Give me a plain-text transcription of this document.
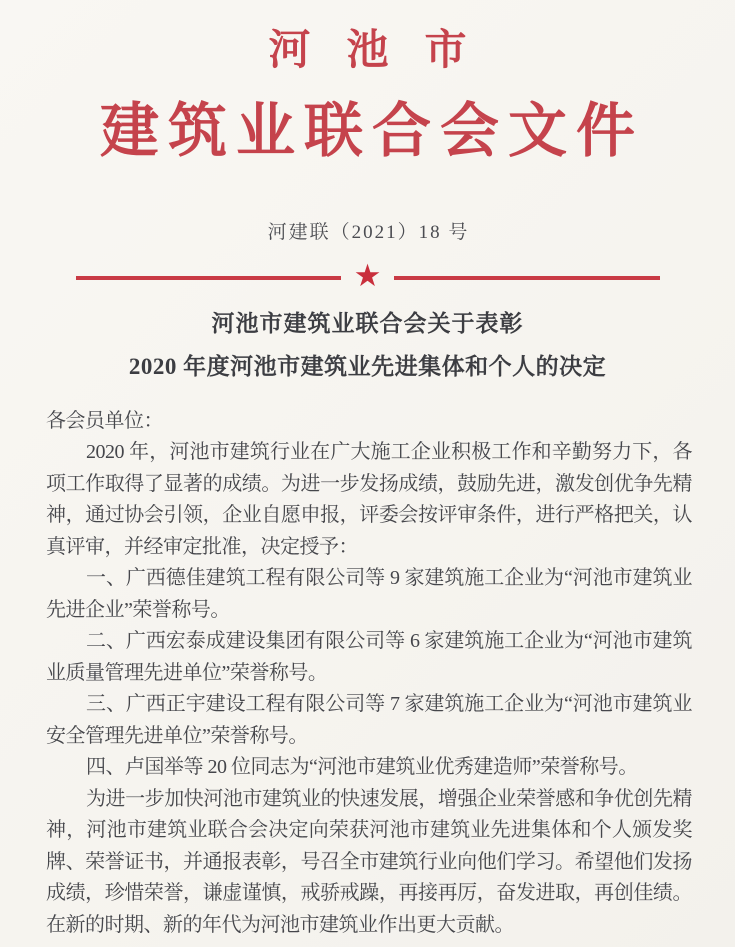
河池市
建筑业联合会文件
河建联（2021）18 号
★
河池市建筑业联合会关于表彰
2020 年度河池市建筑业先进集体和个人的决定

各会员单位：

2020 年，河池市建筑行业在广大施工企业积极工作和辛勤努力下，各项工作取得了显著的成绩。为进一步发扬成绩，鼓励先进，激发创优争先精神，通过协会引领，企业自愿申报，评委会按评审条件，进行严格把关，认真评审，并经审定批准，决定授予：

一、广西德佳建筑工程有限公司等 9 家建筑施工企业为“河池市建筑业先进企业”荣誉称号。

二、广西宏泰成建设集团有限公司等 6 家建筑施工企业为“河池市建筑业质量管理先进单位”荣誉称号。

三、广西正宇建设工程有限公司等 7 家建筑施工企业为“河池市建筑业安全管理先进单位”荣誉称号。

四、卢国举等 20 位同志为“河池市建筑业优秀建造师”荣誉称号。

为进一步加快河池市建筑业的快速发展，增强企业荣誉感和争优创先精神，河池市建筑业联合会决定向荣获河池市建筑业先进集体和个人颁发奖牌、荣誉证书，并通报表彰，号召全市建筑行业向他们学习。希望他们发扬成绩，珍惜荣誉，谦虚谨慎，戒骄戒躁，再接再厉，奋发进取，再创佳绩。在新的时期、新的年代为河池市建筑业作出更大贡献。
